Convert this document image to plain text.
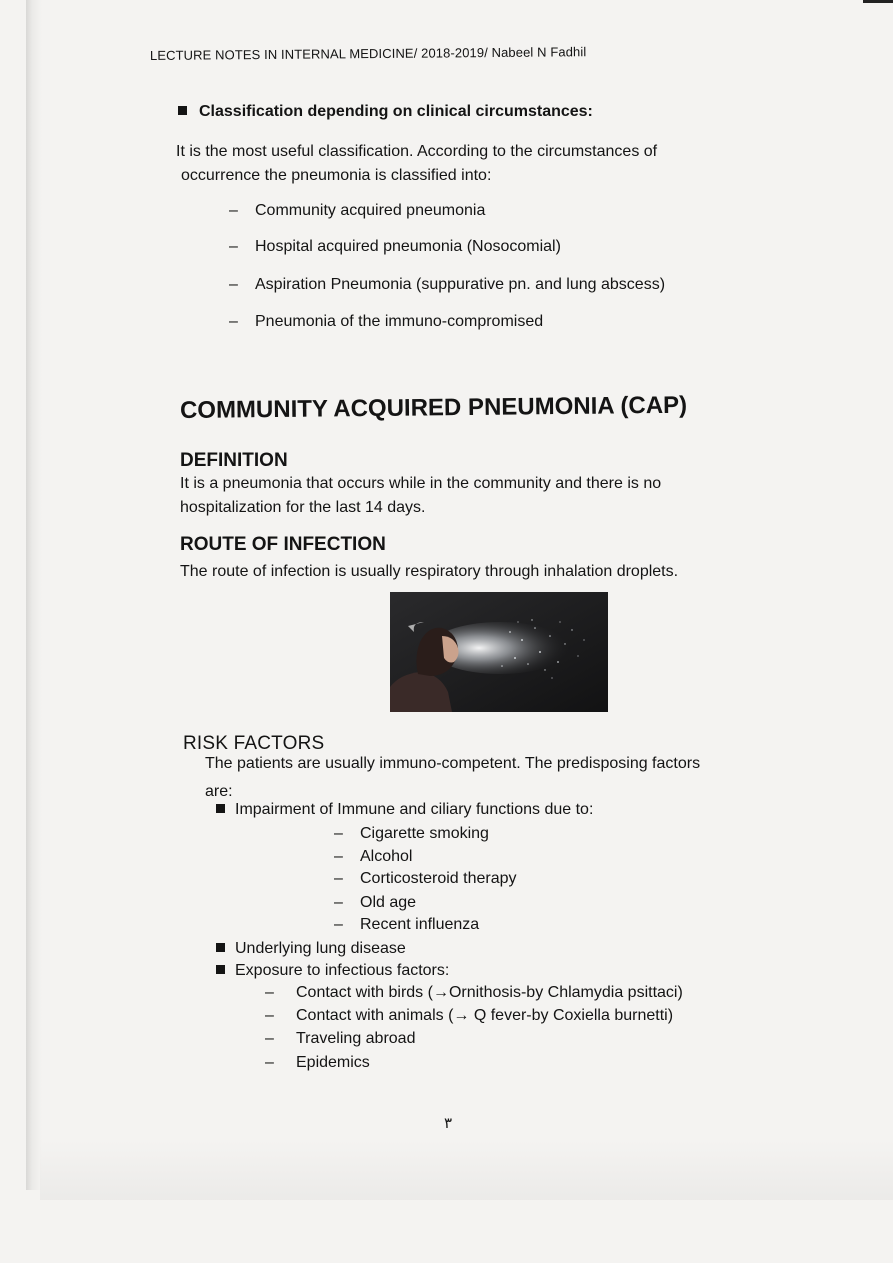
LECTURE NOTES IN INTERNAL MEDICINE/ 2018-2019/ Nabeel N Fadhil
Classification depending on clinical circumstances:
It is the most useful classification. According to the circumstances of
occurrence the pneumonia is classified into:
– Community acquired pneumonia
– Hospital acquired pneumonia (Nosocomial)
– Aspiration Pneumonia (suppurative pn. and lung abscess)
– Pneumonia of the immuno-compromised
COMMUNITY ACQUIRED PNEUMONIA (CAP)
DEFINITION
It is a pneumonia that occurs while in the community and there is no
hospitalization for the last 14 days.
ROUTE OF INFECTION
The route of infection is usually respiratory through inhalation droplets.
RISK FACTORS
The patients are usually immuno-competent. The predisposing factors
are:
Impairment of Immune and ciliary functions due to:
– Cigarette smoking
– Alcohol
– Corticosteroid therapy
– Old age
– Recent influenza
Underlying lung disease
Exposure to infectious factors:
– Contact with birds (→Ornithosis-by Chlamydia psittaci)
– Contact with animals (→ Q fever-by Coxiella burnetti)
– Traveling abroad
– Epidemics
٣
